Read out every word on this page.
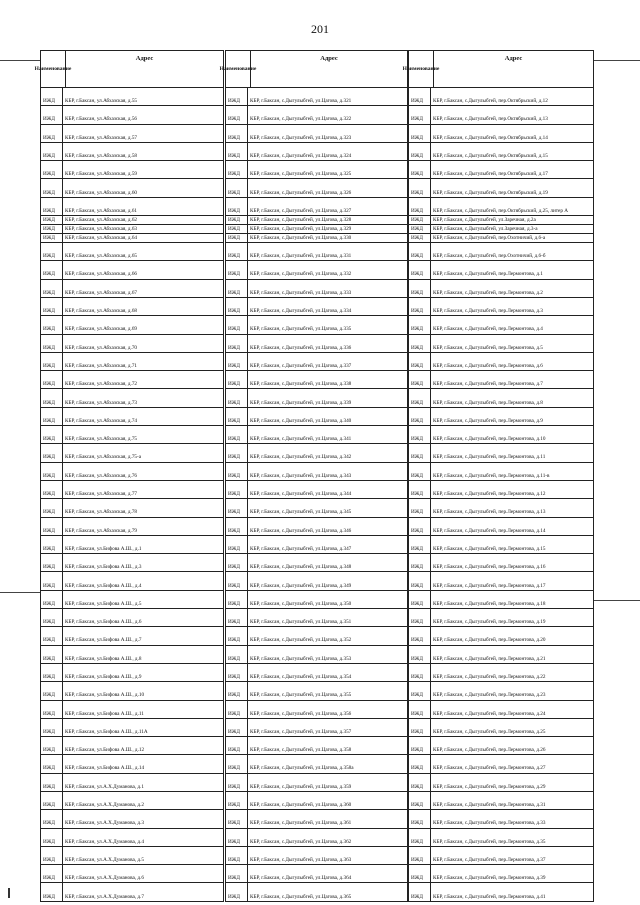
201
Наименование
Адрес
ИЖД	КБР, г.Баксан, ул.Абхазская, д.55
ИЖД	КБР, г.Баксан, ул.Абхазская, д.56
ИЖД	КБР, г.Баксан, ул.Абхазская, д.57
ИЖД	КБР, г.Баксан, ул.Абхазская, д.58
ИЖД	КБР, г.Баксан, ул.Абхазская, д.59
ИЖД	КБР, г.Баксан, ул.Абхазская, д.60
ИЖД	КБР, г.Баксан, ул.Абхазская, д.61
ИЖД	КБР, г.Баксан, ул.Абхазская, д.62
ИЖД	КБР, г.Баксан, ул.Абхазская, д.63
ИЖД	КБР, г.Баксан, ул.Абхазская, д.64
ИЖД	КБР, г.Баксан, ул.Абхазская, д.65
ИЖД	КБР, г.Баксан, ул.Абхазская, д.66
ИЖД	КБР, г.Баксан, ул.Абхазская, д.67
ИЖД	КБР, г.Баксан, ул.Абхазская, д.68
ИЖД	КБР, г.Баксан, ул.Абхазская, д.69
ИЖД	КБР, г.Баксан, ул.Абхазская, д.70
ИЖД	КБР, г.Баксан, ул.Абхазская, д.71
ИЖД	КБР, г.Баксан, ул.Абхазская, д.72
ИЖД	КБР, г.Баксан, ул.Абхазская, д.73
ИЖД	КБР, г.Баксан, ул.Абхазская, д.74
ИЖД	КБР, г.Баксан, ул.Абхазская, д.75
ИЖД	КБР, г.Баксан, ул.Абхазская, д.75-а
ИЖД	КБР, г.Баксан, ул.Абхазская, д.76
ИЖД	КБР, г.Баксан, ул.Абхазская, д.77
ИЖД	КБР, г.Баксан, ул.Абхазская, д.78
ИЖД	КБР, г.Баксан, ул.Абхазская, д.79
ИЖД	КБР, г.Баксан, ул.Бифова А.Ш., д.1
ИЖД	КБР, г.Баксан, ул.Бифова А.Ш., д.3
ИЖД	КБР, г.Баксан, ул.Бифова А.Ш., д.4
ИЖД	КБР, г.Баксан, ул.Бифова А.Ш., д.5
ИЖД	КБР, г.Баксан, ул.Бифова А.Ш., д.6
ИЖД	КБР, г.Баксан, ул.Бифова А.Ш., д.7
ИЖД	КБР, г.Баксан, ул.Бифова А.Ш., д.8
ИЖД	КБР, г.Баксан, ул.Бифова А.Ш., д.9
ИЖД	КБР, г.Баксан, ул.Бифова А.Ш., д.10
ИЖД	КБР, г.Баксан, ул.Бифова А.Ш., д.11
ИЖД	КБР, г.Баксан, ул.Бифова А.Ш., д.11А
ИЖД	КБР, г.Баксан, ул.Бифова А.Ш., д.12
ИЖД	КБР, г.Баксан, ул.Бифова А.Ш., д.14
ИЖД	КБР, г.Баксан, ул.А.Х.Думанова, д.1
ИЖД	КБР, г.Баксан, ул.А.Х.Думанова, д.2
ИЖД	КБР, г.Баксан, ул.А.Х.Думанова, д.3
ИЖД	КБР, г.Баксан, ул.А.Х.Думанова, д.4
ИЖД	КБР, г.Баксан, ул.А.Х.Думанова, д.5
ИЖД	КБР, г.Баксан, ул.А.Х.Думанова, д.6
ИЖД	КБР, г.Баксан, ул.А.Х.Думанова, д.7
Наименование
Адрес
ИЖД	КБР, г.Баксан, с.Дыгулыбгей, ул.Цагова, д.321
ИЖД	КБР, г.Баксан, с.Дыгулыбгей, ул.Цагова, д.322
ИЖД	КБР, г.Баксан, с.Дыгулыбгей, ул.Цагова, д.323
ИЖД	КБР, г.Баксан, с.Дыгулыбгей, ул.Цагова, д.324
ИЖД	КБР, г.Баксан, с.Дыгулыбгей, ул.Цагова, д.325
ИЖД	КБР, г.Баксан, с.Дыгулыбгей, ул.Цагова, д.326
ИЖД	КБР, г.Баксан, с.Дыгулыбгей, ул.Цагова, д.327
ИЖД	КБР, г.Баксан, с.Дыгулыбгей, ул.Цагова, д.328
ИЖД	КБР, г.Баксан, с.Дыгулыбгей, ул.Цагова, д.329
ИЖД	КБР, г.Баксан, с.Дыгулыбгей, ул.Цагова, д.330
ИЖД	КБР, г.Баксан, с.Дыгулыбгей, ул.Цагова, д.331
ИЖД	КБР, г.Баксан, с.Дыгулыбгей, ул.Цагова, д.332
ИЖД	КБР, г.Баксан, с.Дыгулыбгей, ул.Цагова, д.333
ИЖД	КБР, г.Баксан, с.Дыгулыбгей, ул.Цагова, д.334
ИЖД	КБР, г.Баксан, с.Дыгулыбгей, ул.Цагова, д.335
ИЖД	КБР, г.Баксан, с.Дыгулыбгей, ул.Цагова, д.336
ИЖД	КБР, г.Баксан, с.Дыгулыбгей, ул.Цагова, д.337
ИЖД	КБР, г.Баксан, с.Дыгулыбгей, ул.Цагова, д.338
ИЖД	КБР, г.Баксан, с.Дыгулыбгей, ул.Цагова, д.339
ИЖД	КБР, г.Баксан, с.Дыгулыбгей, ул.Цагова, д.340
ИЖД	КБР, г.Баксан, с.Дыгулыбгей, ул.Цагова, д.341
ИЖД	КБР, г.Баксан, с.Дыгулыбгей, ул.Цагова, д.342
ИЖД	КБР, г.Баксан, с.Дыгулыбгей, ул.Цагова, д.343
ИЖД	КБР, г.Баксан, с.Дыгулыбгей, ул.Цагова, д.344
ИЖД	КБР, г.Баксан, с.Дыгулыбгей, ул.Цагова, д.345
ИЖД	КБР, г.Баксан, с.Дыгулыбгей, ул.Цагова, д.346
ИЖД	КБР, г.Баксан, с.Дыгулыбгей, ул.Цагова, д.347
ИЖД	КБР, г.Баксан, с.Дыгулыбгей, ул.Цагова, д.348
ИЖД	КБР, г.Баксан, с.Дыгулыбгей, ул.Цагова, д.349
ИЖД	КБР, г.Баксан, с.Дыгулыбгей, ул.Цагова, д.350
ИЖД	КБР, г.Баксан, с.Дыгулыбгей, ул.Цагова, д.351
ИЖД	КБР, г.Баксан, с.Дыгулыбгей, ул.Цагова, д.352
ИЖД	КБР, г.Баксан, с.Дыгулыбгей, ул.Цагова, д.353
ИЖД	КБР, г.Баксан, с.Дыгулыбгей, ул.Цагова, д.354
ИЖД	КБР, г.Баксан, с.Дыгулыбгей, ул.Цагова, д.355
ИЖД	КБР, г.Баксан, с.Дыгулыбгей, ул.Цагова, д.356
ИЖД	КБР, г.Баксан, с.Дыгулыбгей, ул.Цагова, д.357
ИЖД	КБР, г.Баксан, с.Дыгулыбгей, ул.Цагова, д.358
ИЖД	КБР, г.Баксан, с.Дыгулыбгей, ул.Цагова, д.358а
ИЖД	КБР, г.Баксан, с.Дыгулыбгей, ул.Цагова, д.359
ИЖД	КБР, г.Баксан, с.Дыгулыбгей, ул.Цагова, д.360
ИЖД	КБР, г.Баксан, с.Дыгулыбгей, ул.Цагова, д.361
ИЖД	КБР, г.Баксан, с.Дыгулыбгей, ул.Цагова, д.362
ИЖД	КБР, г.Баксан, с.Дыгулыбгей, ул.Цагова, д.363
ИЖД	КБР, г.Баксан, с.Дыгулыбгей, ул.Цагова, д.364
ИЖД	КБР, г.Баксан, с.Дыгулыбгей, ул.Цагова, д.365
Наименование
Адрес
ИЖД	КБР, г.Баксан, с.Дыгулыбгей, пер.Октябрьский, д.12
ИЖД	КБР, г.Баксан, с.Дыгулыбгей, пер.Октябрьский, д.13
ИЖД	КБР, г.Баксан, с.Дыгулыбгей, пер.Октябрьский, д.14
ИЖД	КБР, г.Баксан, с.Дыгулыбгей, пер.Октябрьский, д.15
ИЖД	КБР, г.Баксан, с.Дыгулыбгей, пер.Октябрьский, д.17
ИЖД	КБР, г.Баксан, с.Дыгулыбгей, пер.Октябрьский, д.19
ИЖД	КБР, г.Баксан, с.Дыгулыбгей, пер.Октябрьский, д.25, литер А
ИЖД	КБР, г.Баксан, с.Дыгулыбгей, ул.Заречная, д.2а
ИЖД	КБР, г.Баксан, с.Дыгулыбгей, ул.Заречная, д.3-а
ИЖД	КБР, г.Баксан, с.Дыгулыбгей, пер.Охотничий, д.6-а
ИЖД	КБР, г.Баксан, с.Дыгулыбгей, пер.Охотничий, д.6-б
ИЖД	КБР, г.Баксан, с.Дыгулыбгей, пер.Лермонтова, д.1
ИЖД	КБР, г.Баксан, с.Дыгулыбгей, пер.Лермонтова, д.2
ИЖД	КБР, г.Баксан, с.Дыгулыбгей, пер.Лермонтова, д.3
ИЖД	КБР, г.Баксан, с.Дыгулыбгей, пер.Лермонтова, д.4
ИЖД	КБР, г.Баксан, с.Дыгулыбгей, пер.Лермонтова, д.5
ИЖД	КБР, г.Баксан, с.Дыгулыбгей, пер.Лермонтова, д.6
ИЖД	КБР, г.Баксан, с.Дыгулыбгей, пер.Лермонтова, д.7
ИЖД	КБР, г.Баксан, с.Дыгулыбгей, пер.Лермонтова, д.8
ИЖД	КБР, г.Баксан, с.Дыгулыбгей, пер.Лермонтова, д.9
ИЖД	КБР, г.Баксан, с.Дыгулыбгей, пер.Лермонтова, д.10
ИЖД	КБР, г.Баксан, с.Дыгулыбгей, пер.Лермонтова, д.11
ИЖД	КБР, г.Баксан, с.Дыгулыбгей, пер.Лермонтова, д.11-в
ИЖД	КБР, г.Баксан, с.Дыгулыбгей, пер.Лермонтова, д.12
ИЖД	КБР, г.Баксан, с.Дыгулыбгей, пер.Лермонтова, д.13
ИЖД	КБР, г.Баксан, с.Дыгулыбгей, пер.Лермонтова, д.14
ИЖД	КБР, г.Баксан, с.Дыгулыбгей, пер.Лермонтова, д.15
ИЖД	КБР, г.Баксан, с.Дыгулыбгей, пер.Лермонтова, д.16
ИЖД	КБР, г.Баксан, с.Дыгулыбгей, пер.Лермонтова, д.17
ИЖД	КБР, г.Баксан, с.Дыгулыбгей, пер.Лермонтова, д.18
ИЖД	КБР, г.Баксан, с.Дыгулыбгей, пер.Лермонтова, д.19
ИЖД	КБР, г.Баксан, с.Дыгулыбгей, пер.Лермонтова, д.20
ИЖД	КБР, г.Баксан, с.Дыгулыбгей, пер.Лермонтова, д.21
ИЖД	КБР, г.Баксан, с.Дыгулыбгей, пер.Лермонтова, д.22
ИЖД	КБР, г.Баксан, с.Дыгулыбгей, пер.Лермонтова, д.23
ИЖД	КБР, г.Баксан, с.Дыгулыбгей, пер.Лермонтова, д.24
ИЖД	КБР, г.Баксан, с.Дыгулыбгей, пер.Лермонтова, д.25
ИЖД	КБР, г.Баксан, с.Дыгулыбгей, пер.Лермонтова, д.26
ИЖД	КБР, г.Баксан, с.Дыгулыбгей, пер.Лермонтова, д.27
ИЖД	КБР, г.Баксан, с.Дыгулыбгей, пер.Лермонтова, д.29
ИЖД	КБР, г.Баксан, с.Дыгулыбгей, пер.Лермонтова, д.31
ИЖД	КБР, г.Баксан, с.Дыгулыбгей, пер.Лермонтова, д.33
ИЖД	КБР, г.Баксан, с.Дыгулыбгей, пер.Лермонтова, д.35
ИЖД	КБР, г.Баксан, с.Дыгулыбгей, пер.Лермонтова, д.37
ИЖД	КБР, г.Баксан, с.Дыгулыбгей, пер.Лермонтова, д.39
ИЖД	КБР, г.Баксан, с.Дыгулыбгей, пер.Лермонтова, д.41
